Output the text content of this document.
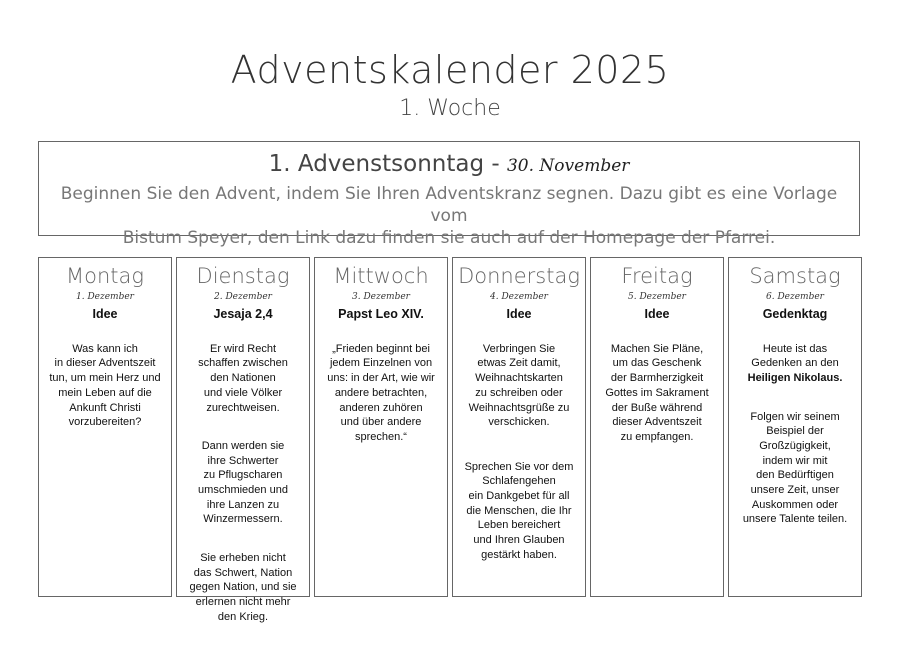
Adventskalender 2025
1. Woche
1. Advenstsonntag - 30. November
Beginnen Sie den Advent, indem Sie Ihren Adventskranz segnen. Dazu gibt es eine Vorlage vom
Bistum Speyer, den Link dazu finden sie auch auf der Homepage der Pfarrei.
Montag
1. Dezember
Idee

Was kann ich
in dieser Adventszeit
tun, um mein Herz und
mein Leben auf die
Ankunft Christi
vorzubereiten?

Dienstag
2. Dezember
Jesaja 2,4

Er wird Recht
schaffen zwischen
den Nationen
und viele Völker
zurechtweisen.

Dann werden sie
ihre Schwerter
zu Pflugscharen
umschmieden und
ihre Lanzen zu
Winzermessern.

Sie erheben nicht
das Schwert, Nation
gegen Nation, und sie
erlernen nicht mehr
den Krieg.

Mittwoch
3. Dezember
Papst Leo XIV.

„Frieden beginnt bei
jedem Einzelnen von
uns: in der Art, wie wir
andere betrachten,
anderen zuhören
und über andere
sprechen.“

Donnerstag
4. Dezember
Idee

Verbringen Sie
etwas Zeit damit,
Weihnachtskarten
zu schreiben oder
Weihnachtsgrüße zu
verschicken.

Sprechen Sie vor dem
Schlafengehen
ein Dankgebet für all
die Menschen, die Ihr
Leben bereichert
und Ihren Glauben
gestärkt haben.

Freitag
5. Dezember
Idee

Machen Sie Pläne,
um das Geschenk
der Barmherzigkeit
Gottes im Sakrament
der Buße während
dieser Adventszeit
zu empfangen.

Samstag
6. Dezember
Gedenktag

Heute ist das
Gedenken an den
Heiligen Nikolaus.

Folgen wir seinem
Beispiel der
Großzügigkeit,
indem wir mit
den Bedürftigen
unsere Zeit, unser
Auskommen oder
unsere Talente teilen.
